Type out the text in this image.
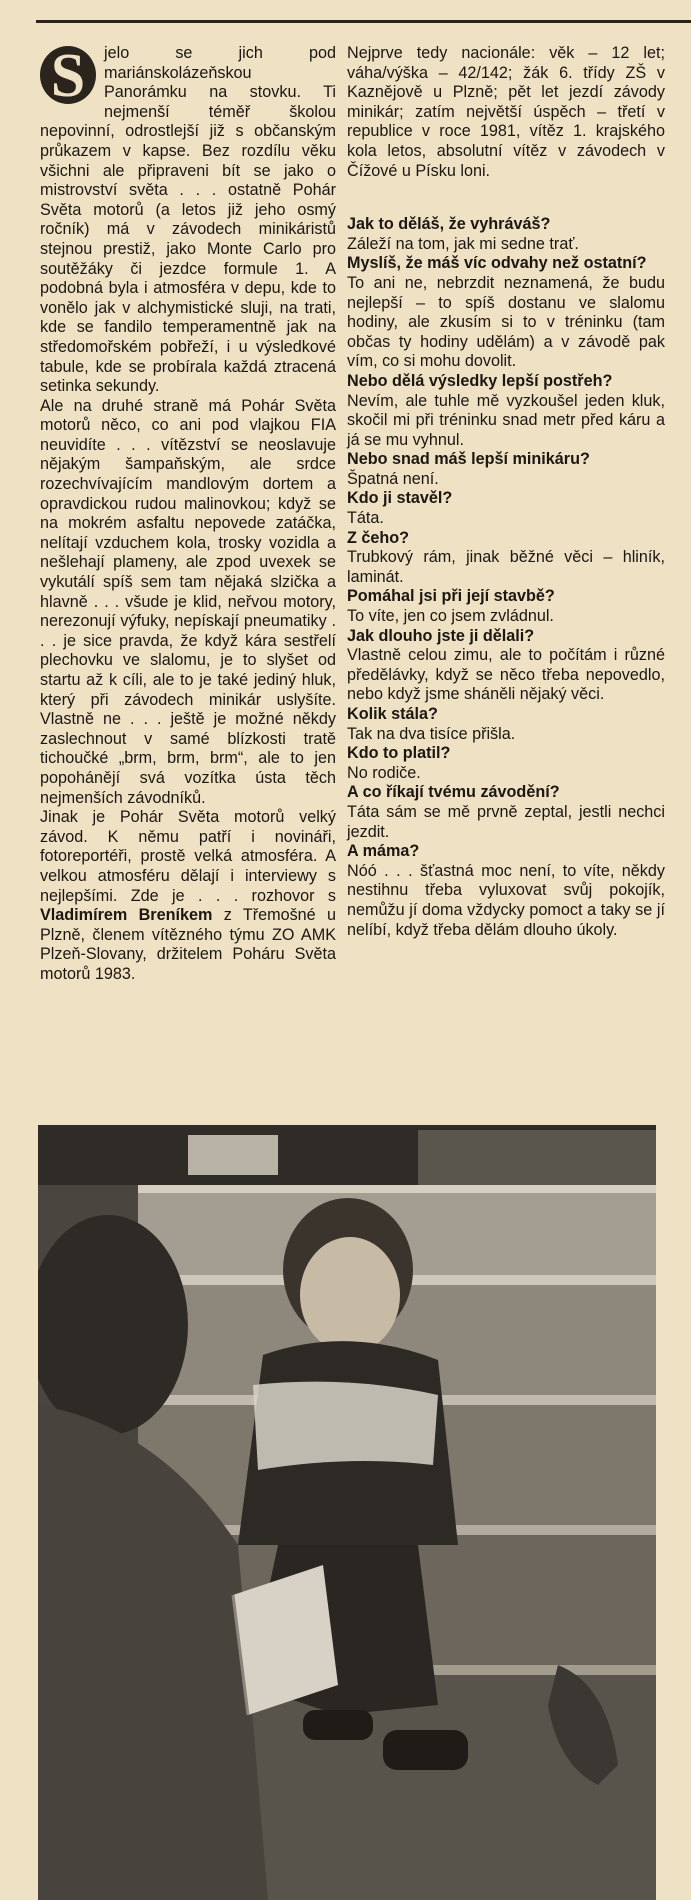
S	jelo se jich pod mariánskolázeňskou Panorámku na stovku. Ti nejmenší téměř školou nepovinní, odrostlejší již s občanským průkazem v kapse. Bez rozdílu věku všichni ale připraveni bít se jako o mistrovství světa . . . ostatně Pohár Světa motorů (a letos již jeho osmý ročník) má v závodech minikáristů stejnou prestiž, jako Monte Carlo pro soutěžáky či jezdce formule 1. A podobná byla i atmosféra v depu, kde to vonělo jak v alchymistické sluji, na trati, kde se fandilo temperamentně jak na středomořském pobřeží, i u výsledkové tabule, kde se probírala každá ztracená setinka sekundy.

Ale na druhé straně má Pohár Světa motorů něco, co ani pod vlajkou FIA neuvidíte . . . vítězství se neoslavuje nějakým šampaňským, ale srdce rozechvívajícím mandlovým dortem a opravdickou rudou malinovkou; když se na mokrém asfaltu nepovede zatáčka, nelítají vzduchem kola, trosky vozidla a nešlehají plameny, ale zpod uvexek se vykutálí spíš sem tam nějaká slzička a hlavně . . . všude je klid, neřvou motory, nerezonují výfuky, nepískají pneumatiky . . . je sice pravda, že když kára sestřelí plechovku ve slalomu, je to slyšet od startu až k cíli, ale to je také jediný hluk, který při závodech minikár uslyšíte. Vlastně ne . . . ještě je možné někdy zaslechnout v samé blízkosti tratě tichoučké „brm, brm, brm“, ale to jen popohánějí svá vozítka ústa těch nejmenších závodníků.

Jinak je Pohár Světa motorů velký závod. K němu patří i novináři, fotoreportéři, prostě velká atmosféra. A velkou atmosféru dělají i interviewy s nejlepšími. Zde je . . . rozhovor s Vladimírem Breníkem z Třemošné u Plzně, členem vítězného týmu ZO AMK Plzeň-Slovany, držitelem Poháru Světa motorů 1983.

Nejprve tedy nacionále: věk – 12 let; váha/výška – 42/142; žák 6. třídy ZŠ v Kaznějově u Plzně; pět let jezdí závody minikár; zatím největší úspěch – třetí v republice v roce 1981, vítěz 1. krajského kola letos, absolutní vítěz v závodech v Čížové u Písku loni.

Jak to děláš, že vyhráváš?
Záleží na tom, jak mi sedne trať.
Myslíš, že máš víc odvahy než ostatní?
To ani ne, nebrzdit neznamená, že budu nejlepší – to spíš dostanu ve slalomu hodiny, ale zkusím si to v tréninku (tam občas ty hodiny udělám) a v závodě pak vím, co si mohu dovolit.
Nebo dělá výsledky lepší postřeh?
Nevím, ale tuhle mě vyzkoušel jeden kluk, skočil mi při tréninku snad metr před káru a já se mu vyhnul.
Nebo snad máš lepší minikáru?
Špatná není.
Kdo ji stavěl?
Táta.
Z čeho?
Trubkový rám, jinak běžné věci – hliník, laminát.
Pomáhal jsi při její stavbě?
To víte, jen co jsem zvládnul.
Jak dlouho jste ji dělali?
Vlastně celou zimu, ale to počítám i různé předělávky, když se něco třeba nepovedlo, nebo když jsme sháněli nějaký věci.
Kolik stála?
Tak na dva tisíce přišla.
Kdo to platil?
No rodiče.
A co říkají tvému závodění?
Táta sám se mě prvně zeptal, jestli nechci jezdit.
A máma?
Nóó . . . šťastná moc není, to víte, někdy nestihnu třeba vyluxovat svůj pokojík, nemůžu jí doma vždycky pomoct a taky se jí nelíbí, když třeba dělám dlouho úkoly.
